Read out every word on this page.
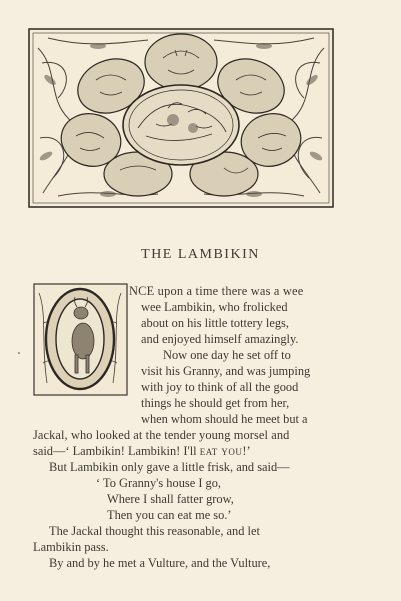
THE LAMBIKIN
NCE upon a time there was a wee
wee Lambikin, who frolicked
about on his little tottery legs,
and enjoyed himself amazingly.
Now one day he set off to
visit his Granny, and was jumping
with joy to think of all the good
things he should get from her,
when whom should he meet but a
Jackal, who looked at the tender young morsel and
said—‘ Lambikin! Lambikin! I'll eat you!’
But Lambikin only gave a little frisk, and said—
‘ To Granny's house I go,
Where I shall fatter grow,
Then you can eat me so.’
The Jackal thought this reasonable, and let
Lambikin pass.
By and by he met a Vulture, and the Vulture,
